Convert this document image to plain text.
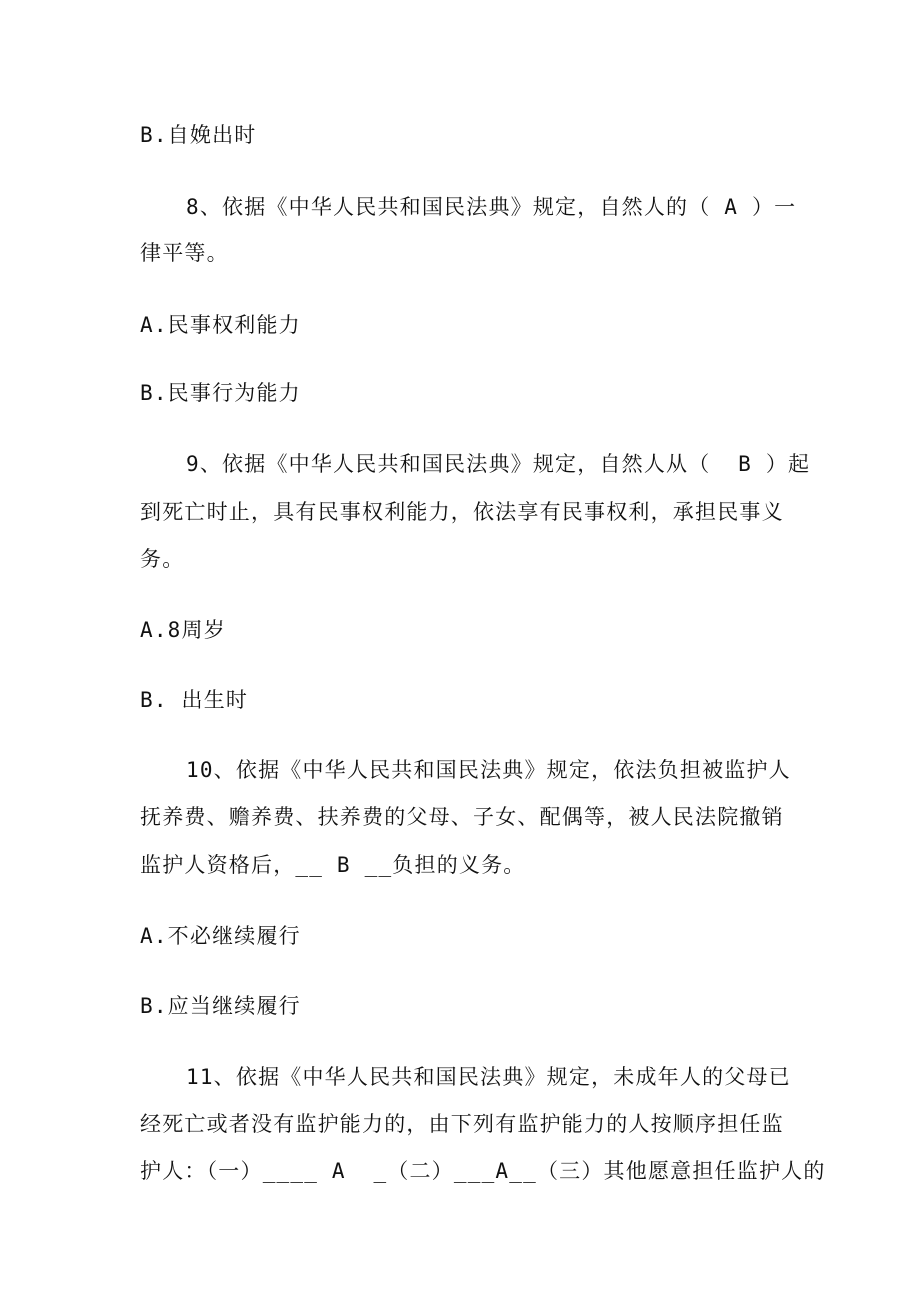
B.自娩出时
8、依据《中华人民共和国民法典》规定，自然人的（ A ）一
律平等。
A.民事权利能力
B.民事行为能力
9、依据《中华人民共和国民法典》规定，自然人从（  B ）起
到死亡时止，具有民事权利能力，依法享有民事权利，承担民事义
务。
A.8周岁
B. 出生时
10、依据《中华人民共和国民法典》规定，依法负担被监护人
抚养费、赡养费、扶养费的父母、子女、配偶等，被人民法院撤销
监护人资格后，__ B __负担的义务。
A.不必继续履行
B.应当继续履行
11、依据《中华人民共和国民法典》规定，未成年人的父母已
经死亡或者没有监护能力的，由下列有监护能力的人按顺序担任监
护人：（一）____ A  _（二）___A__（三）其他愿意担任监护人的
